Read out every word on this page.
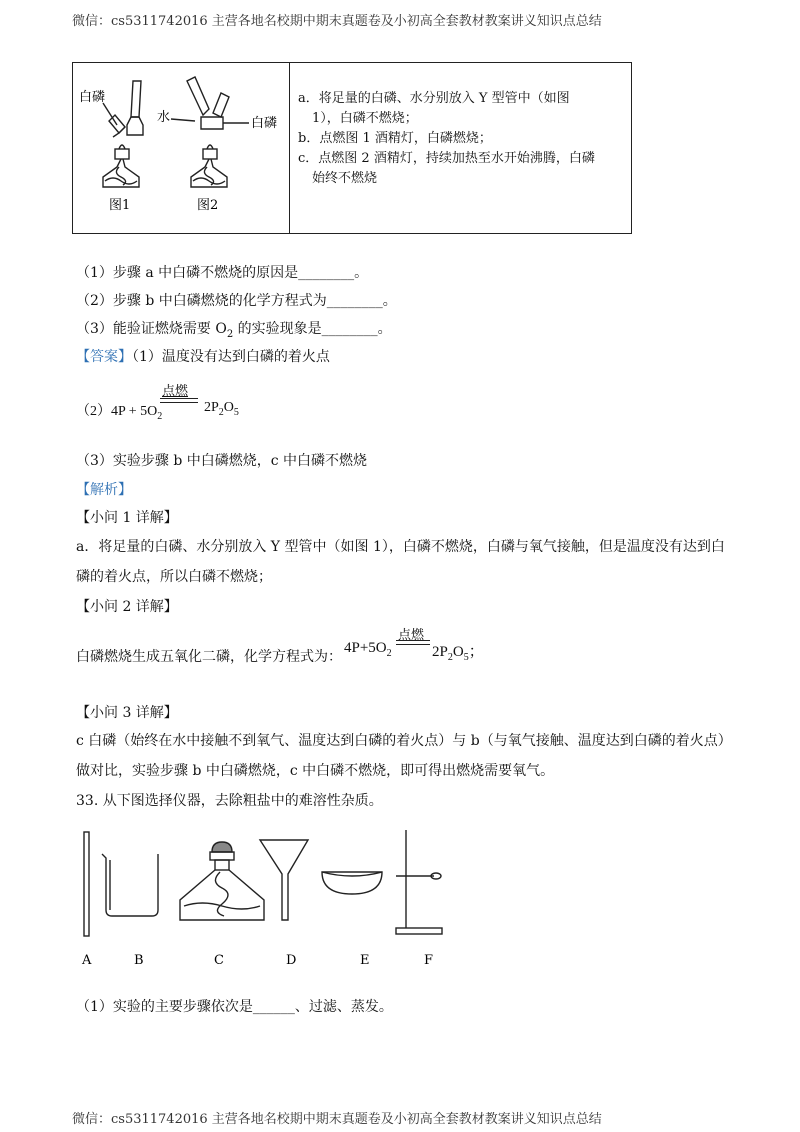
微信：cs5311742016 主营各地名校期中期末真题卷及小初高全套教材教案讲义知识点总结
白磷
水	白磷
图1	图2

a．将足量的白磷、水分别放入 Y 型管中（如图
1），白磷不燃烧；
b．点燃图 1 酒精灯，白磷燃烧；
c．点燃图 2 酒精灯，持续加热至水开始沸腾，白磷
始终不燃烧
（1）步骤 a 中白磷不燃烧的原因是________。
（2）步骤 b 中白磷燃烧的化学方程式为________。
（3）能验证燃烧需要 $O_2$ 的实验现象是________。
【答案】（1）温度没有达到白磷的着火点
$(2)4P + 5O_2$
点燃
$2P_2O_5$
（3）实验步骤 b 中白磷燃烧，c 中白磷不燃烧
【解析】
【小问 1 详解】
a．将足量的白磷、水分别放入 Y 型管中（如图 1），白磷不燃烧，白磷与氧气接触，但是温度没有达到白
磷的着火点，所以白磷不燃烧；
【小问 2 详解】
白磷燃烧生成五氧化二磷，化学方程式为：
$4P+5O_2$
点燃
$2P_2O_5$；
【小问 3 详解】
c 白磷（始终在水中接触不到氧气、温度达到白磷的着火点）与 b（与氧气接触、温度达到白磷的着火点）
做对比，实验步骤 b 中白磷燃烧，c 中白磷不燃烧，即可得出燃烧需要氧气。
33. 从下图选择仪器，去除粗盐中的难溶性杂质。
A	B	C	D	E	F
（1）实验的主要步骤依次是______、过滤、蒸发。
微信：cs5311742016 主营各地名校期中期末真题卷及小初高全套教材教案讲义知识点总结
